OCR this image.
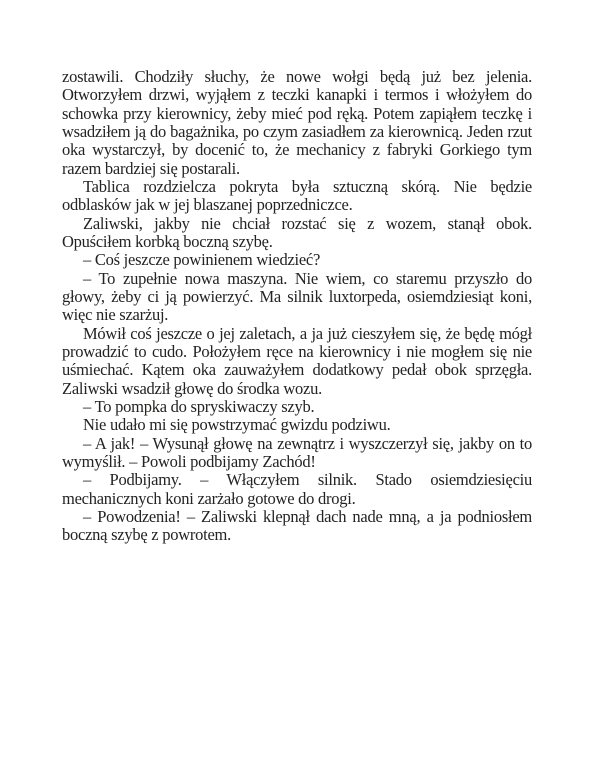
zostawili. Chodziły słuchy, że nowe wołgi będą już bez jelenia. Otworzyłem drzwi, wyjąłem z teczki kanapki i termos i włożyłem do schowka przy kierownicy, żeby mieć pod ręką. Potem zapiąłem teczkę i wsadziłem ją do bagażnika, po czym zasiadłem za kierownicą. Jeden rzut oka wystarczył, by docenić to, że mechanicy z fabryki Gorkiego tym razem bardziej się postarali.

Tablica rozdzielcza pokryta była sztuczną skórą. Nie będzie odblasków jak w jej blaszanej poprzedniczce.

Zaliwski, jakby nie chciał rozstać się z wozem, stanął obok. Opuściłem korbką boczną szybę.

– Coś jeszcze powinienem wiedzieć?

– To zupełnie nowa maszyna. Nie wiem, co staremu przyszło do głowy, żeby ci ją powierzyć. Ma silnik luxtorpeda, osiemdziesiąt koni, więc nie szarżuj.

Mówił coś jeszcze o jej zaletach, a ja już cieszyłem się, że będę mógł prowadzić to cudo. Położyłem ręce na kierownicy i nie mogłem się nie uśmiechać. Kątem oka zauważyłem dodatkowy pedał obok sprzęgła. Zaliwski wsadził głowę do środka wozu.

– To pompka do spryskiwaczy szyb.

Nie udało mi się powstrzymać gwizdu podziwu.

– A jak! – Wysunął głowę na zewnątrz i wyszczerzył się, jakby on to wymyślił. – Powoli podbijamy Zachód!

– Podbijamy. – Włączyłem silnik. Stado osiemdziesięciu mechanicznych koni zarżało gotowe do drogi.

– Powodzenia! – Zaliwski klepnął dach nade mną, a ja podniosłem boczną szybę z powrotem.
